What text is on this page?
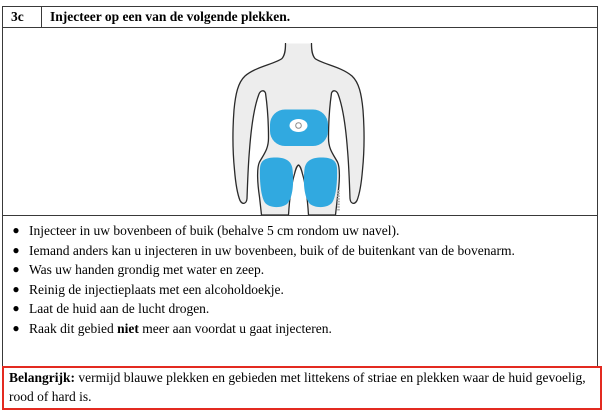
3c	Injecteer op een van de volgende plekken.
● Injecteer in uw bovenbeen of buik (behalve 5 cm rondom uw navel).
● Iemand anders kan u injecteren in uw bovenbeen, buik of de buitenkant van de bovenarm.
● Was uw handen grondig met water en zeep.
● Reinig de injectieplaats met een alcoholdoekje.
● Laat de huid aan de lucht drogen.
● Raak dit gebied niet meer aan voordat u gaat injecteren.
Belangrijk: vermijd blauwe plekken en gebieden met littekens of striae en plekken waar de huid gevoelig, rood of hard is.
